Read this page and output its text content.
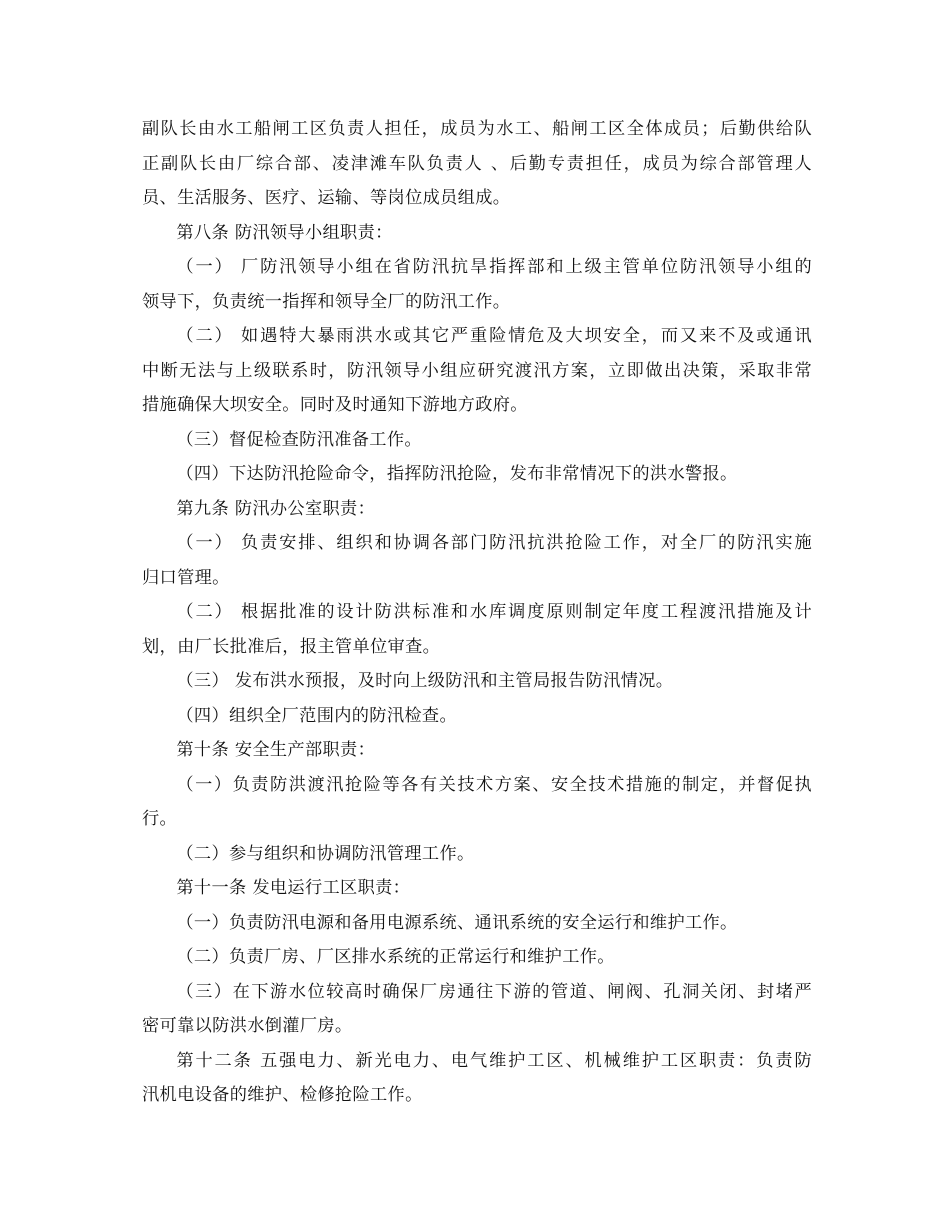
副队长由水工船闸工区负责人担任，成员为水工、船闸工区全体成员；后勤供给队
正副队长由厂综合部、凌津滩车队负责人 、后勤专责担任，成员为综合部管理人
员、生活服务、医疗、运输、等岗位成员组成。
第八条 防汛领导小组职责：
（一） 厂防汛领导小组在省防汛抗旱指挥部和上级主管单位防汛领导小组的
领导下，负责统一指挥和领导全厂的防汛工作。
（二） 如遇特大暴雨洪水或其它严重险情危及大坝安全，而又来不及或通讯
中断无法与上级联系时，防汛领导小组应研究渡汛方案，立即做出决策，采取非常
措施确保大坝安全。同时及时通知下游地方政府。
（三）督促检查防汛准备工作。
（四）下达防汛抢险命令，指挥防汛抢险，发布非常情况下的洪水警报。
第九条 防汛办公室职责：
（一） 负责安排、组织和协调各部门防汛抗洪抢险工作，对全厂的防汛实施
归口管理。
（二） 根据批准的设计防洪标准和水库调度原则制定年度工程渡汛措施及计
划，由厂长批准后，报主管单位审查。
（三） 发布洪水预报，及时向上级防汛和主管局报告防汛情况。
（四）组织全厂范围内的防汛检查。
第十条 安全生产部职责：
（一）负责防洪渡汛抢险等各有关技术方案、安全技术措施的制定，并督促执
行。
（二）参与组织和协调防汛管理工作。
第十一条 发电运行工区职责：
（一）负责防汛电源和备用电源系统、通讯系统的安全运行和维护工作。
（二）负责厂房、厂区排水系统的正常运行和维护工作。
（三）在下游水位较高时确保厂房通往下游的管道、闸阀、孔洞关闭、封堵严
密可靠以防洪水倒灌厂房。
第十二条 五强电力、新光电力、电气维护工区、机械维护工区职责：负责防
汛机电设备的维护、检修抢险工作。
